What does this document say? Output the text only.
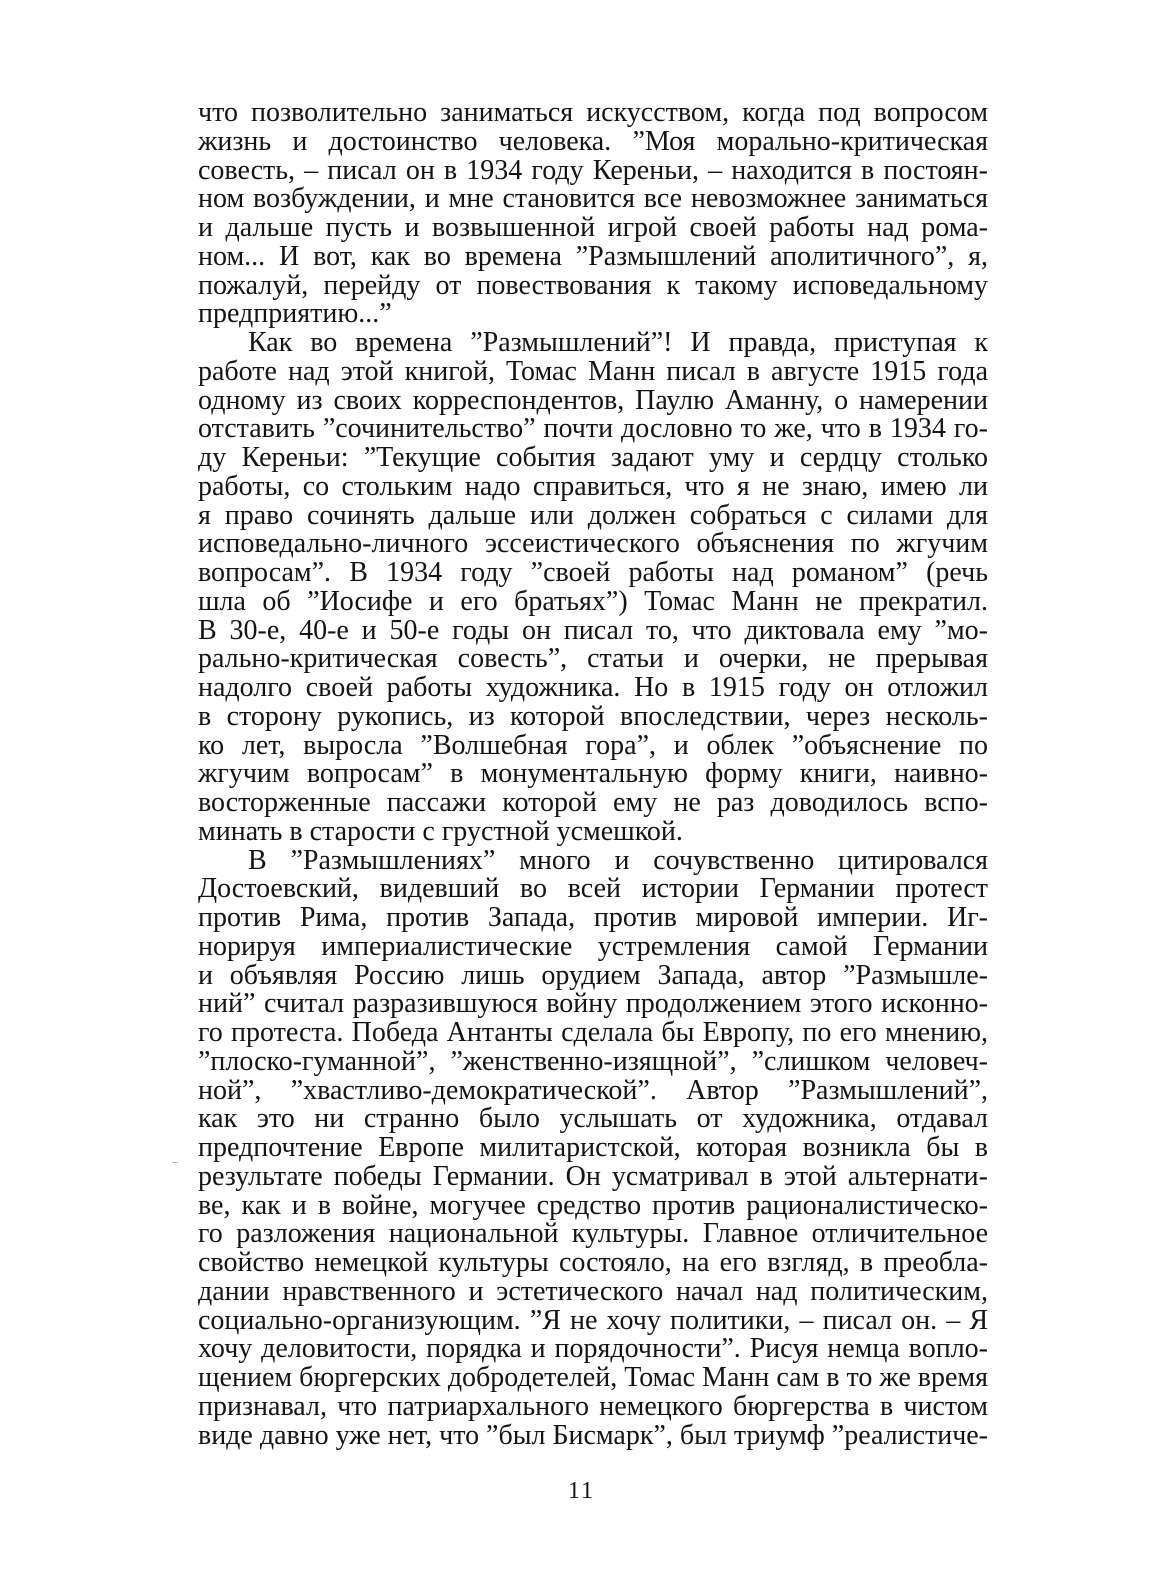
что позволительно заниматься искусством, когда под вопросом
жизнь и достоинство человека. ”Моя морально-критическая
совесть, – писал он в 1934 году Кереньи, – находится в постоян-
ном возбуждении, и мне становится все невозможнее заниматься
и дальше пусть и возвышенной игрой своей работы над рома-
ном... И вот, как во времена ”Размышлений аполитичного”, я,
пожалуй, перейду от повествования к такому исповедальному
предприятию...”
Как во времена ”Размышлений”! И правда, приступая к
работе над этой книгой, Томас Манн писал в августе 1915 года
одному из своих корреспондентов, Паулю Аманну, о намерении
отставить ”сочинительство” почти дословно то же, что в 1934 го-
ду Кереньи: ”Текущие события задают уму и сердцу столько
работы, со стольким надо справиться, что я не знаю, имею ли
я право сочинять дальше или должен собраться с силами для
исповедально-личного эссеистического объяснения по жгучим
вопросам”. В 1934 году ”своей работы над романом” (речь
шла об ”Иосифе и его братьях”) Томас Манн не прекратил.
В 30-е, 40-е и 50-е годы он писал то, что диктовала ему ”мо-
рально-критическая совесть”, статьи и очерки, не прерывая
надолго своей работы художника. Но в 1915 году он отложил
в сторону рукопись, из которой впоследствии, через несколь-
ко лет, выросла ”Волшебная гора”, и облек ”объяснение по
жгучим вопросам” в монументальную форму книги, наивно-
восторженные пассажи которой ему не раз доводилось вспо-
минать в старости с грустной усмешкой.
В ”Размышлениях” много и сочувственно цитировался
Достоевский, видевший во всей истории Германии протест
против Рима, против Запада, против мировой империи. Иг-
норируя империалистические устремления самой Германии
и объявляя Россию лишь орудием Запада, автор ”Размышле-
ний” считал разразившуюся войну продолжением этого исконно-
го протеста. Победа Антанты сделала бы Европу, по его мнению,
”плоско-гуманной”, ”женственно-изящной”, ”слишком человеч-
ной”, ”хвастливо-демократической”. Автор ”Размышлений”,
как это ни странно было услышать от художника, отдавал
предпочтение Европе милитаристской, которая возникла бы в
результате победы Германии. Он усматривал в этой альтернати-
ве, как и в войне, могучее средство против рационалистическо-
го разложения национальной культуры. Главное отличительное
свойство немецкой культуры состояло, на его взгляд, в преобла-
дании нравственного и эстетического начал над политическим,
социально-организующим. ”Я не хочу политики, – писал он. – Я
хочу деловитости, порядка и порядочности”. Рисуя немца вопло-
щением бюргерских добродетелей, Томас Манн сам в то же время
признавал, что патриархального немецкого бюргерства в чистом
виде давно уже нет, что ”был Бисмарк”, был триумф ”реалистиче-
11
